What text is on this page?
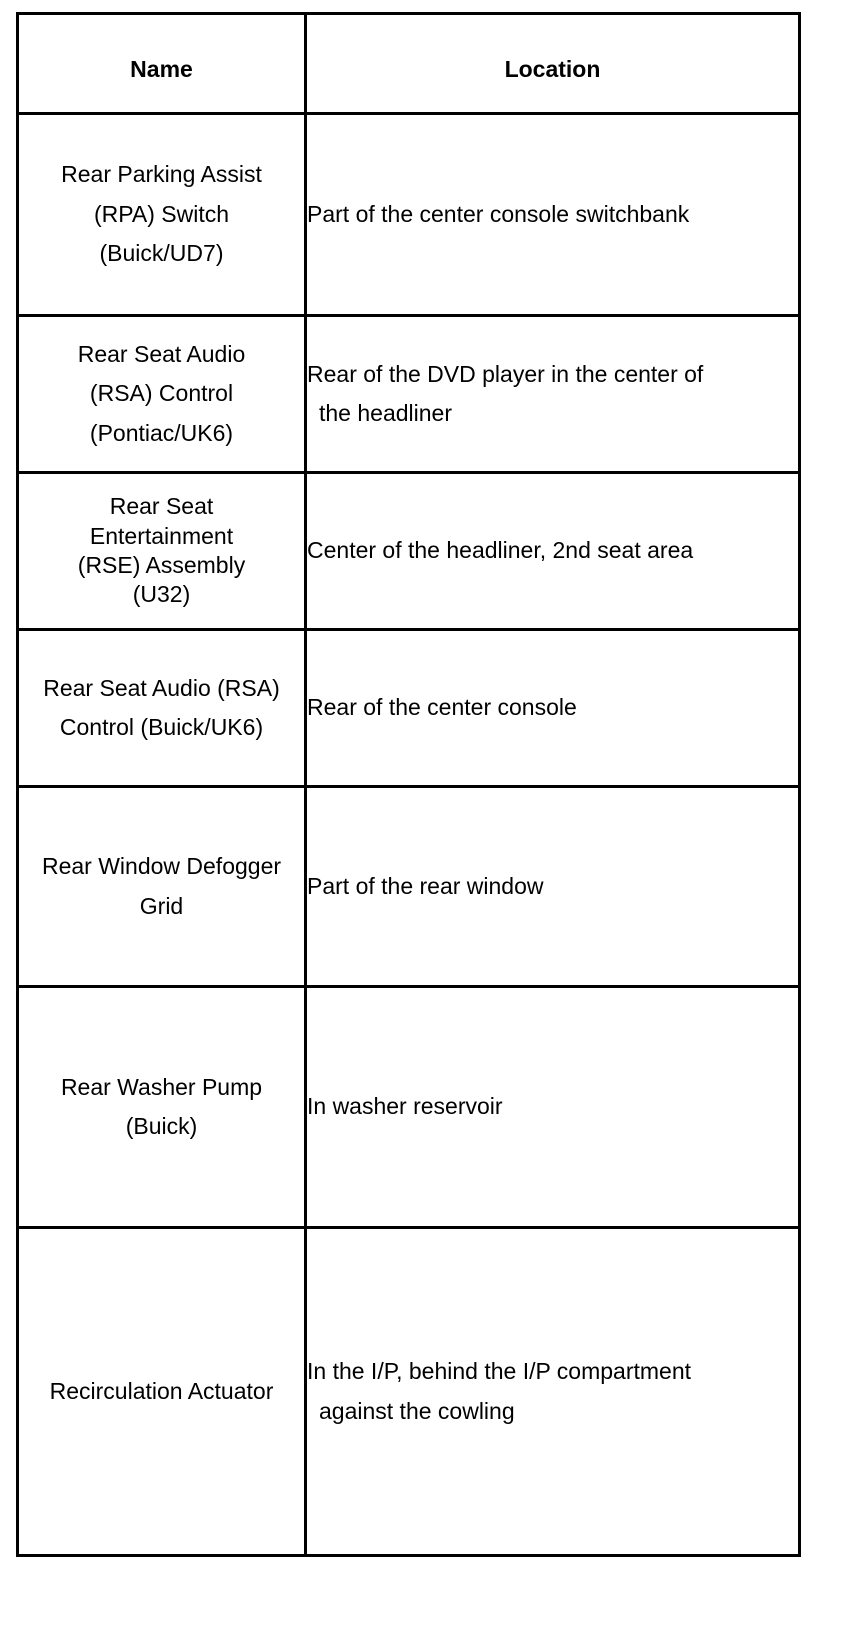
Name	Location

Rear Parking Assist
(RPA) Switch
(Buick/UD7)	Part of the center console switchbank

Rear Seat Audio
(RSA) Control
(Pontiac/UK6)	Rear of the DVD player in the center of
the headliner

Rear Seat
Entertainment
(RSE) Assembly
(U32)	Center of the headliner, 2nd seat area

Rear Seat Audio (RSA)
Control (Buick/UK6)	Rear of the center console

Rear Window Defogger
Grid	Part of the rear window

Rear Washer Pump
(Buick)	In washer reservoir

Recirculation Actuator	In the I/P, behind the I/P compartment
against the cowling
